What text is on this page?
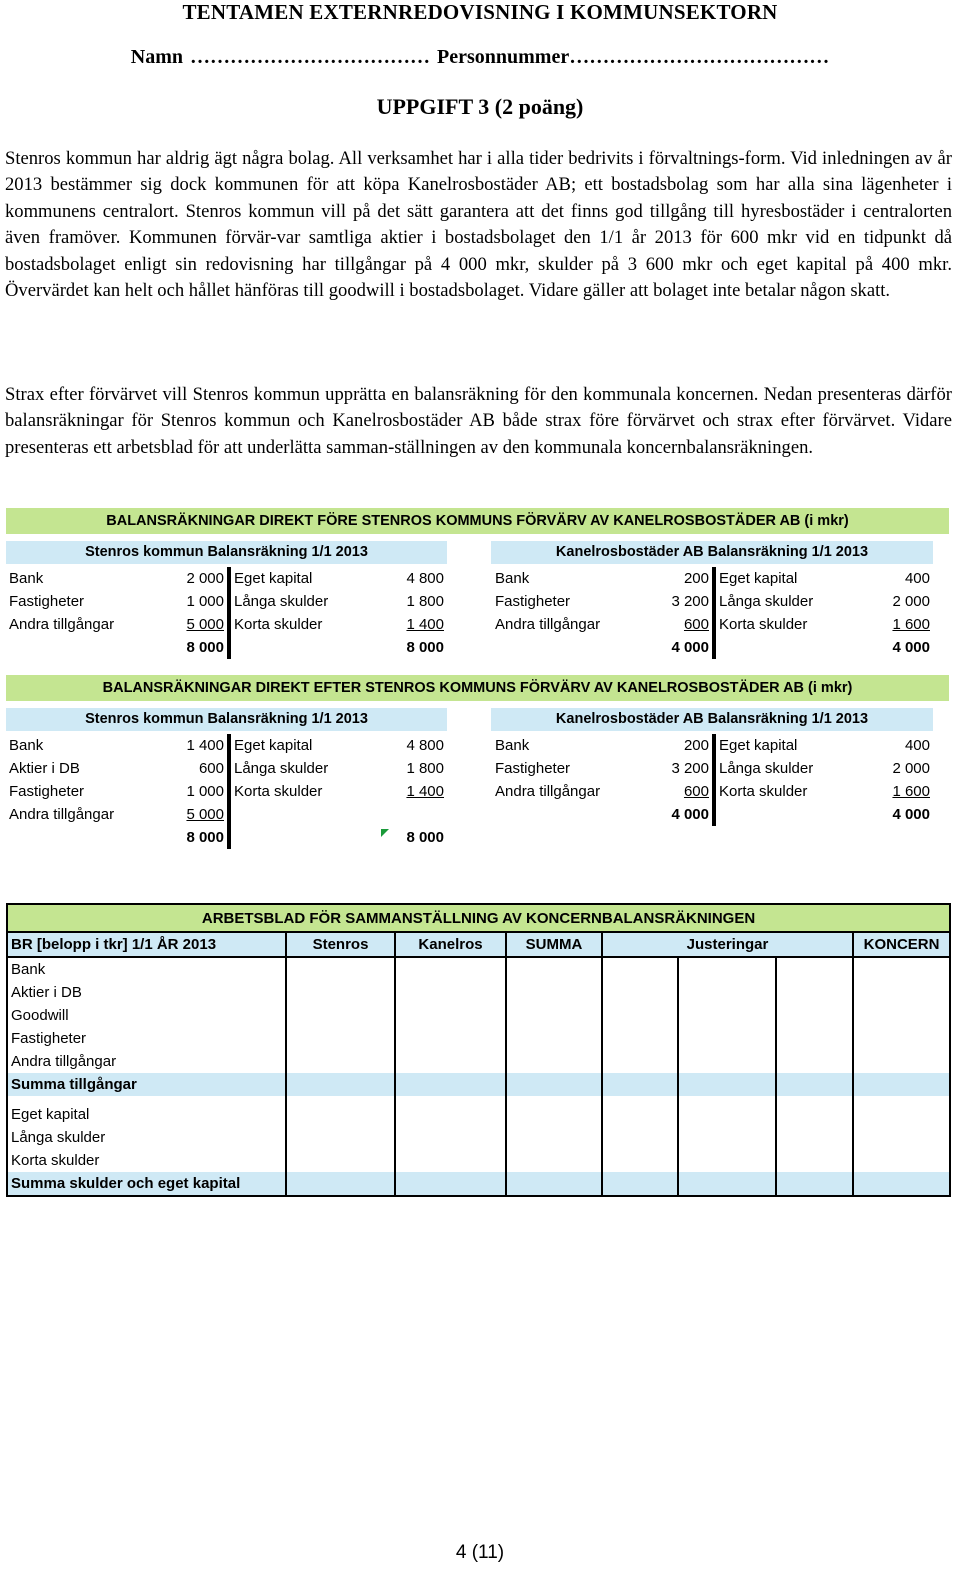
TENTAMEN EXTERNREDOVISNING I KOMMUNSEKTORN
Namn ……………………………… Personnummer…………………………………
UPPGIFT 3 (2 poäng)

Stenros kommun har aldrig ägt några bolag. All verksamhet har i alla tider bedrivits i förvaltnings-form. Vid inledningen av år 2013 bestämmer sig dock kommunen för att köpa Kanelrosbostäder AB; ett bostadsbolag som har alla sina lägenheter i kommunens centralort. Stenros kommun vill på det sätt garantera att det finns god tillgång till hyresbostäder i centralorten även framöver. Kommunen förvär-var samtliga aktier i bostadsbolaget den 1/1 år 2013 för 600 mkr vid en tidpunkt då bostadsbolaget enligt sin redovisning har tillgångar på 4 000 mkr, skulder på 3 600 mkr och eget kapital på 400 mkr. Övervärdet kan helt och hållet hänföras till goodwill i bostadsbolaget. Vidare gäller att bolaget inte betalar någon skatt.

Strax efter förvärvet vill Stenros kommun upprätta en balansräkning för den kommunala koncernen. Nedan presenteras därför balansräkningar för Stenros kommun och Kanelrosbostäder AB både strax före förvärvet och strax efter förvärvet. Vidare presenteras ett arbetsblad för att underlätta samman-ställningen av den kommunala koncernbalansräkningen.

BALANSRÄKNINGAR DIREKT FÖRE STENROS KOMMUNS FÖRVÄRV AV KANELROSBOSTÄDER AB (i mkr)
Stenros kommun Balansräkning 1/1 2013	Kanelrosbostäder AB Balansräkning 1/1 2013
Bank	2 000	Eget kapital	4 800
Fastigheter	1 000	Långa skulder	1 800
Andra tillgångar	5 000	Korta skulder	1 400
	8 000		8 000
Bank	200	Eget kapital	400
Fastigheter	3 200	Långa skulder	2 000
Andra tillgångar	600	Korta skulder	1 600
	4 000		4 000
BALANSRÄKNINGAR DIREKT EFTER STENROS KOMMUNS FÖRVÄRV AV KANELROSBOSTÄDER AB (i mkr)
Stenros kommun Balansräkning 1/1 2013	Kanelrosbostäder AB Balansräkning 1/1 2013
Bank	1 400	Eget kapital	4 800
Aktier i DB	600	Långa skulder	1 800
Fastigheter	1 000	Korta skulder	1 400
Andra tillgångar	5 000		
	8 000		8 000
Bank	200	Eget kapital	400
Fastigheter	3 200	Långa skulder	2 000
Andra tillgångar	600	Korta skulder	1 600
	4 000		4 000
ARBETSBLAD FÖR SAMMANSTÄLLNING AV KONCERNBALANSRÄKNINGEN							
BR [belopp i tkr] 1/1 ÅR 2013	Stenros	Kanelros	SUMMA	Justeringar			KONCERN
Bank							
Aktier i DB							
Goodwill							
Fastigheter							
Andra tillgångar							
Summa tillgångar							

Eget kapital							
Långa skulder							
Korta skulder							
Summa skulder och eget kapital							
4 (11)
